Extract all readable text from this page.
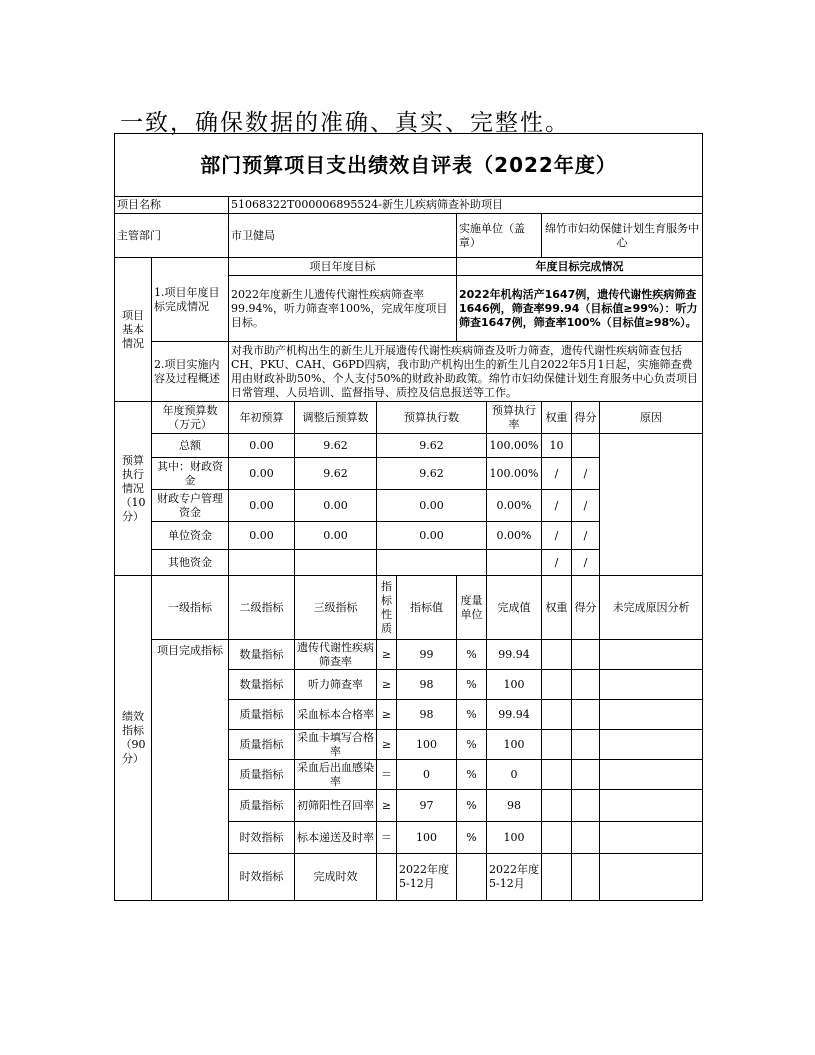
一致，确保数据的准确、真实、完整性。
部门预算项目支出绩效自评表（2022年度）										
项目名称		51068322T000006895524-新生儿疾病筛查补助项目								
主管部门		市卫健局				实施单位（盖章）		绵竹市妇幼保健计划生育服务中心		
项目基本情况	1.项目年度目标完成情况	项目年度目标				年度目标完成情况				
		2022年度新生儿遗传代谢性疾病筛查率99.94%，听力筛查率100%，完成年度项目目标。				2022年机构活产1647例，遗传代谢性疾病筛查1646例，筛查率99.94（目标值≥99%）：听力筛查1647例，筛查率100%（目标值≥98%）。				
	2.项目实施内容及过程概述	对我市助产机构出生的新生儿开展遗传代谢性疾病筛查及听力筛查，遗传代谢性疾病筛查包括CH、PKU、CAH、G6PD四病，我市助产机构出生的新生儿自2022年5月1日起，实施筛查费用由财政补助50%、个人支付50%的财政补助政策。绵竹市妇幼保健计划生育服务中心负责项目日常管理、人员培训、监督指导、质控及信息报送等工作。								
预算执行情况（10分）	年度预算数（万元）	年初预算	调整后预算数	预算执行数			预算执行率	权重	得分	原因
	总额	0.00	9.62	9.62			100.00%	10		
	其中：财政资金	0.00	9.62	9.62			100.00%	/	/	
	财政专户管理资金	0.00	0.00	0.00			0.00%	/	/	
	单位资金	0.00	0.00	0.00			0.00%	/	/	
	其他资金							/	/	
绩效指标（90分）	一级指标	二级指标	三级指标	指标性质	指标值	度量单位	完成值	权重	得分	未完成原因分析
	项目完成指标	数量指标	遗传代谢性疾病筛查率	≥	99	%	99.94			
		数量指标	听力筛查率	≥	98	%	100			
		质量指标	采血标本合格率	≥	98	%	99.94			
		质量指标	采血卡填写合格率	≥	100	%	100			
		质量指标	采血后出血感染率	＝	0	%	0			
		质量指标	初筛阳性召回率	≥	97	%	98			
		时效指标	标本递送及时率	＝	100	%	100			
		时效指标	完成时效		2022年度5-12月		2022年度5-12月			
